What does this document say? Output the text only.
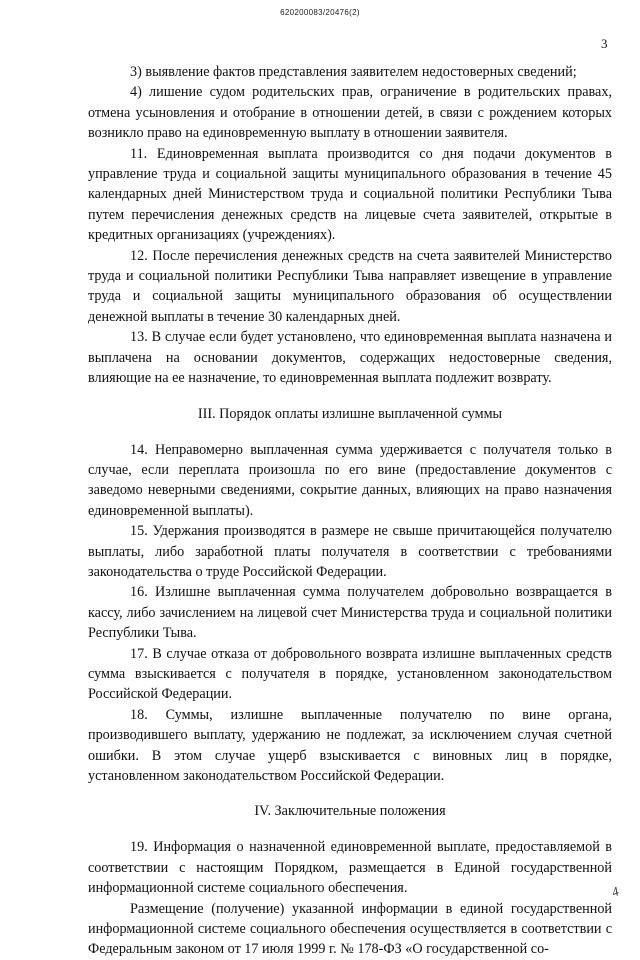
620200083/20476(2)
3

3) выявление фактов представления заявителем недостоверных сведений;

4) лишение судом родительских прав, ограничение в родительских правах, отмена усыновления и отобрание в отношении детей, в связи с рождением которых возникло право на единовременную выплату в отношении заявителя.

11. Единовременная выплата производится со дня подачи документов в управление труда и социальной защиты муниципального образования в течение 45 календарных дней Министерством труда и социальной политики Республики Тыва путем перечисления денежных средств на лицевые счета заявителей, открытые в кредитных организациях (учреждениях).

12. После перечисления денежных средств на счета заявителей Министерство труда и социальной политики Республики Тыва направляет извещение в управление труда и социальной защиты муниципального образования об осуществлении денежной выплаты в течение 30 календарных дней.

13. В случае если будет установлено, что единовременная выплата назначена и выплачена на основании документов, содержащих недостоверные сведения, влияющие на ее назначение, то единовременная выплата подлежит возврату.

III. Порядок оплаты излишне выплаченной суммы

14. Неправомерно выплаченная сумма удерживается с получателя только в случае, если переплата произошла по его вине (предоставление документов с заведомо неверными сведениями, сокрытие данных, влияющих на право назначения единовременной выплаты).

15. Удержания производятся в размере не свыше причитающейся получателю выплаты, либо заработной платы получателя в соответствии с требованиями законодательства о труде Российской Федерации.

16. Излишне выплаченная сумма получателем добровольно возвращается в кассу, либо зачислением на лицевой счет Министерства труда и социальной политики Республики Тыва.

17. В случае отказа от добровольного возврата излишне выплаченных средств сумма взыскивается с получателя в порядке, установленном законодательством Российской Федерации.

18. Суммы, излишне выплаченные получателю по вине органа, производившего выплату, удержанию не подлежат, за исключением случая счетной ошибки. В этом случае ущерб взыскивается с виновных лиц в порядке, установленном законодательством Российской Федерации.

IV. Заключительные положения

19. Информация о назначенной единовременной выплате, предоставляемой в соответствии с настоящим Порядком, размещается в Единой государственной информационной системе социального обеспечения.

Размещение (получение) указанной информации в единой государственной информационной системе социального обеспечения осуществляется в соответствии с Федеральным законом от 17 июля 1999 г. № 178-ФЗ «О государственной со-

4
